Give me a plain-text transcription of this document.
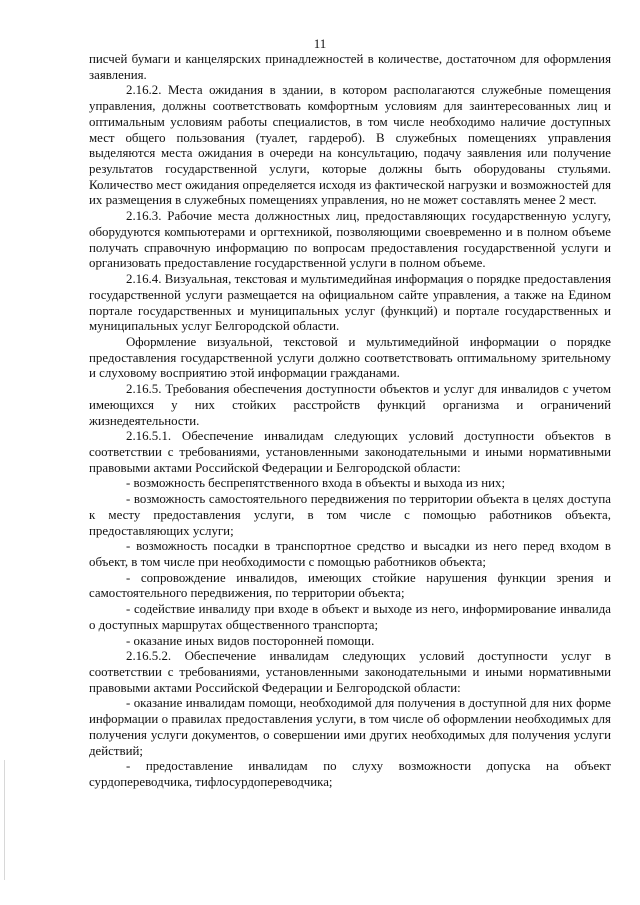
11

писчей бумаги и канцелярских принадлежностей в количестве, достаточном для оформления заявления.

2.16.2. Места ожидания в здании, в котором располагаются служебные помещения управления, должны соответствовать комфортным условиям для заинтересованных лиц и оптимальным условиям работы специалистов, в том числе необходимо наличие доступных мест общего пользования (туалет, гардероб). В служебных помещениях управления выделяются места ожидания в очереди на консультацию, подачу заявления или получение результатов государственной услуги, которые должны быть оборудованы стульями. Количество мест ожидания определяется исходя из фактической нагрузки и возможностей для их размещения в служебных помещениях управления, но не может составлять менее 2 мест.

2.16.3. Рабочие места должностных лиц, предоставляющих государственную услугу, оборудуются компьютерами и оргтехникой, позволяющими своевременно и в полном объеме получать справочную информацию по вопросам предоставления государственной услуги и организовать предоставление государственной услуги в полном объеме.

2.16.4. Визуальная, текстовая и мультимедийная информация о порядке предоставления государственной услуги размещается на официальном сайте управления, а также на Едином портале государственных и муниципальных услуг (функций) и портале государственных и муниципальных услуг Белгородской области.

Оформление визуальной, текстовой и мультимедийной информации о порядке предоставления государственной услуги должно соответствовать оптимальному зрительному и слуховому восприятию этой информации гражданами.

2.16.5. Требования обеспечения доступности объектов и услуг для инвалидов с учетом имеющихся у них стойких расстройств функций организма и ограничений жизнедеятельности.

2.16.5.1. Обеспечение инвалидам следующих условий доступности объектов в соответствии с требованиями, установленными законодательными и иными нормативными правовыми актами Российской Федерации и Белгородской области:

- возможность беспрепятственного входа в объекты и выхода из них;

- возможность самостоятельного передвижения по территории объекта в целях доступа к месту предоставления услуги, в том числе с помощью работников объекта, предоставляющих услуги;

- возможность посадки в транспортное средство и высадки из него перед входом в объект, в том числе при необходимости с помощью работников объекта;

- сопровождение инвалидов, имеющих стойкие нарушения функции зрения и самостоятельного передвижения, по территории объекта;

- содействие инвалиду при входе в объект и выходе из него, информирование инвалида о доступных маршрутах общественного транспорта;

- оказание иных видов посторонней помощи.

2.16.5.2. Обеспечение инвалидам следующих условий доступности услуг в соответствии с требованиями, установленными законодательными и иными нормативными правовыми актами Российской Федерации и Белгородской области:

- оказание инвалидам помощи, необходимой для получения в доступной для них форме информации о правилах предоставления услуги, в том числе об оформлении необходимых для получения услуги документов, о совершении ими других необходимых для получения услуги действий;

- предоставление инвалидам по слуху возможности допуска на объект сурдопереводчика, тифлосурдопереводчика;
